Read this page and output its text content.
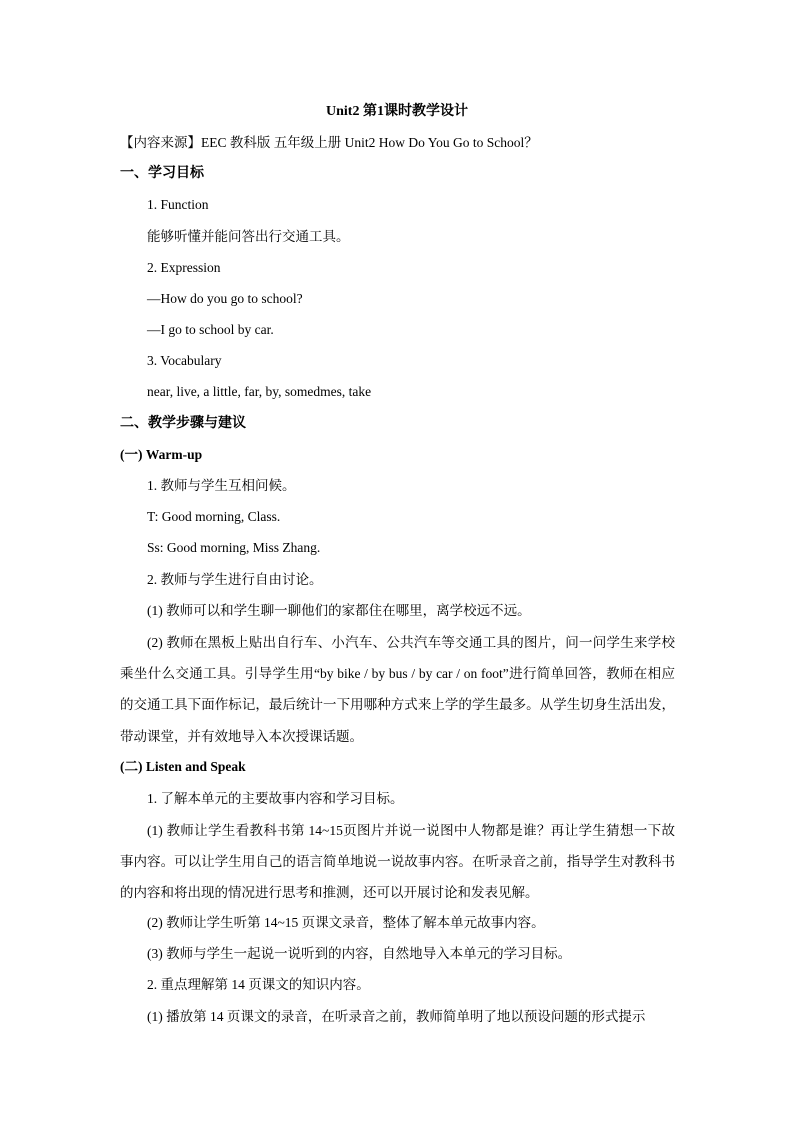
Unit2 第1课时教学设计
【内容来源】EEC 教科版 五年级上册 Unit2 How Do You Go to School？
一、学习目标
1. Function
能够听懂并能问答出行交通工具。
2. Expression
—How do you go to school?
—I go to school by car.
3. Vocabulary
near, live, a little, far, by, somedmes, take
二、教学步骤与建议
(一) Warm-up
1. 教师与学生互相问候。
T: Good morning, Class.
Ss: Good morning, Miss Zhang.
2. 教师与学生进行自由讨论。
(1) 教师可以和学生聊一聊他们的家都住在哪里，离学校远不远。
(2) 教师在黑板上贴出自行车、小汽车、公共汽车等交通工具的图片，问一问学生来学校乘坐什么交通工具。引导学生用“by bike / by bus / by car / on foot”进行简单回答，教师在相应的交通工具下面作标记，最后统计一下用哪种方式来上学的学生最多。从学生切身生活出发，带动课堂，并有效地导入本次授课话题。
(二) Listen and Speak
1. 了解本单元的主要故事内容和学习目标。
(1) 教师让学生看教科书第 14~15页图片并说一说图中人物都是谁？再让学生猜想一下故事内容。可以让学生用自己的语言简单地说一说故事内容。在听录音之前，指导学生对教科书的内容和将出现的情况进行思考和推测，还可以开展讨论和发表见解。
(2) 教师让学生听第 14~15 页课文录音，整体了解本单元故事内容。
(3) 教师与学生一起说一说听到的内容，自然地导入本单元的学习目标。
2. 重点理解第 14 页课文的知识内容。
(1) 播放第 14 页课文的录音，在听录音之前，教师简单明了地以预设问题的形式提示
